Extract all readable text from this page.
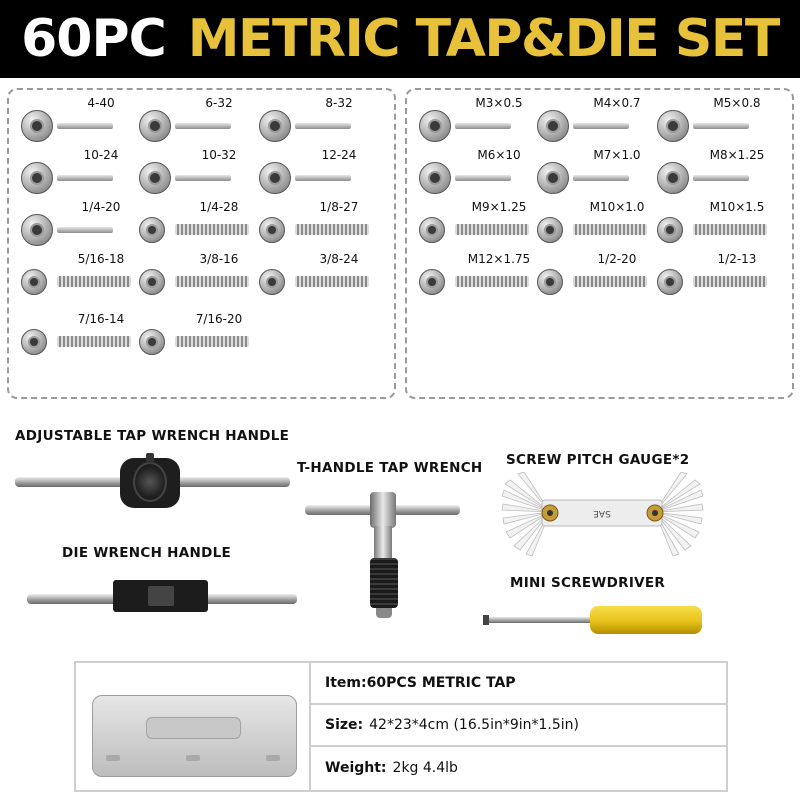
60PC METRIC TAP&DIE SET
4-40	6-32	8-32
10-24	10-32	12-24
1/4-20	1/4-28	1/8-27
5/16-18	3/8-16	3/8-24
7/16-14	7/16-20
M3×0.5	M4×0.7	M5×0.8
M6×10	M7×1.0	M8×1.25
M9×1.25	M10×1.0	M10×1.5
M12×1.75	1/2-20	1/2-13
ADJUSTABLE TAP WRENCH HANDLE
T-HANDLE TAP WRENCH SCREW PITCH GAUGE*2
SAE
DIE WRENCH HANDLE
MINI SCREWDRIVER
Item: 60PCS METRIC TAP
Size: 42*23*4cm (16.5in*9in*1.5in)
Weight: 2kg 4.4lb
